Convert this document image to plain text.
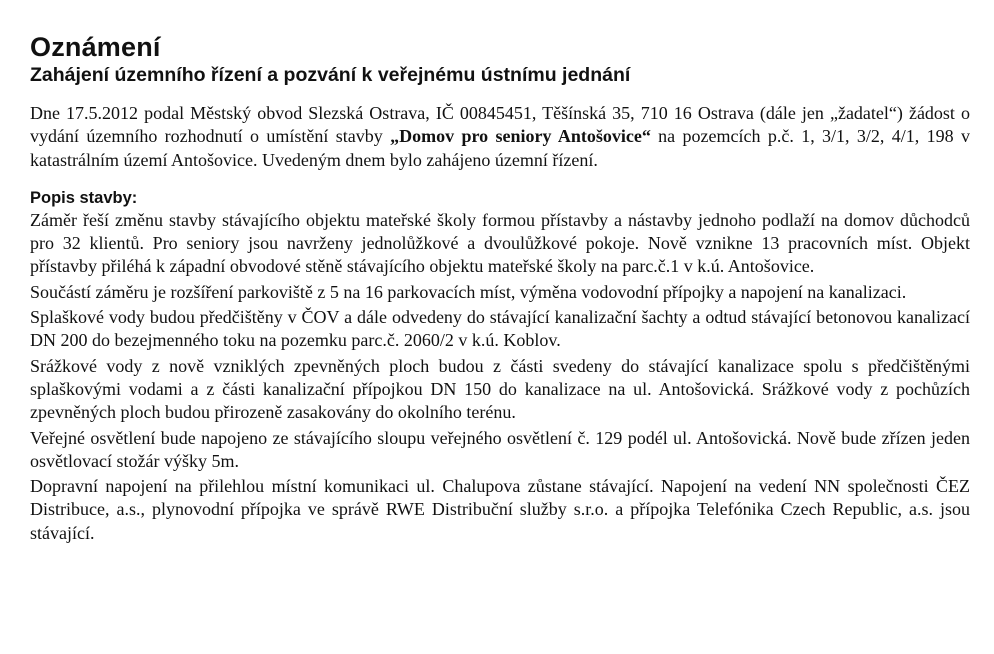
Oznámení
Zahájení územního řízení a pozvání k veřejnému ústnímu jednání

Dne 17.5.2012 podal Městský obvod Slezská Ostrava, IČ 00845451, Těšínská 35, 710 16 Ostrava (dále jen „žadatel“) žádost o vydání územního rozhodnutí o umístění stavby „Domov pro seniory Antošovice“ na pozemcích p.č. 1, 3/1, 3/2, 4/1, 198 v katastrálním území Antošovice. Uvedeným dnem bylo zahájeno územní řízení.

Popis stavby:

Záměr řeší změnu stavby stávajícího objektu mateřské školy formou přístavby a nástavby jednoho podlaží na domov důchodců pro 32 klientů. Pro seniory jsou navrženy jednolůžkové a dvoulůžkové pokoje. Nově vznikne 13 pracovních míst. Objekt přístavby přiléhá k západní obvodové stěně stávajícího objektu mateřské školy na parc.č.1 v k.ú. Antošovice.

Součástí záměru je rozšíření parkoviště z 5 na 16 parkovacích míst, výměna vodovodní přípojky a napojení na kanalizaci.

Splaškové vody budou předčištěny v ČOV a dále odvedeny do stávající kanalizační šachty a odtud stávající betonovou kanalizací DN 200 do bezejmenného toku na pozemku parc.č. 2060/2 v k.ú. Koblov.

Srážkové vody z nově vzniklých zpevněných ploch budou z části svedeny do stávající kanalizace spolu s předčištěnými splaškovými vodami a z části kanalizační přípojkou DN 150 do kanalizace na ul. Antošovická. Srážkové vody z pochůzích zpevněných ploch budou přirozeně zasakovány do okolního terénu.

Veřejné osvětlení bude napojeno ze stávajícího sloupu veřejného osvětlení č. 129 podél ul. Antošovická. Nově bude zřízen jeden osvětlovací stožár výšky 5m.

Dopravní napojení na přilehlou místní komunikaci ul. Chalupova zůstane stávající. Napojení na vedení NN společnosti ČEZ Distribuce, a.s., plynovodní přípojka ve správě RWE Distribuční služby s.r.o. a přípojka Telefónika Czech Republic, a.s. jsou stávající.
